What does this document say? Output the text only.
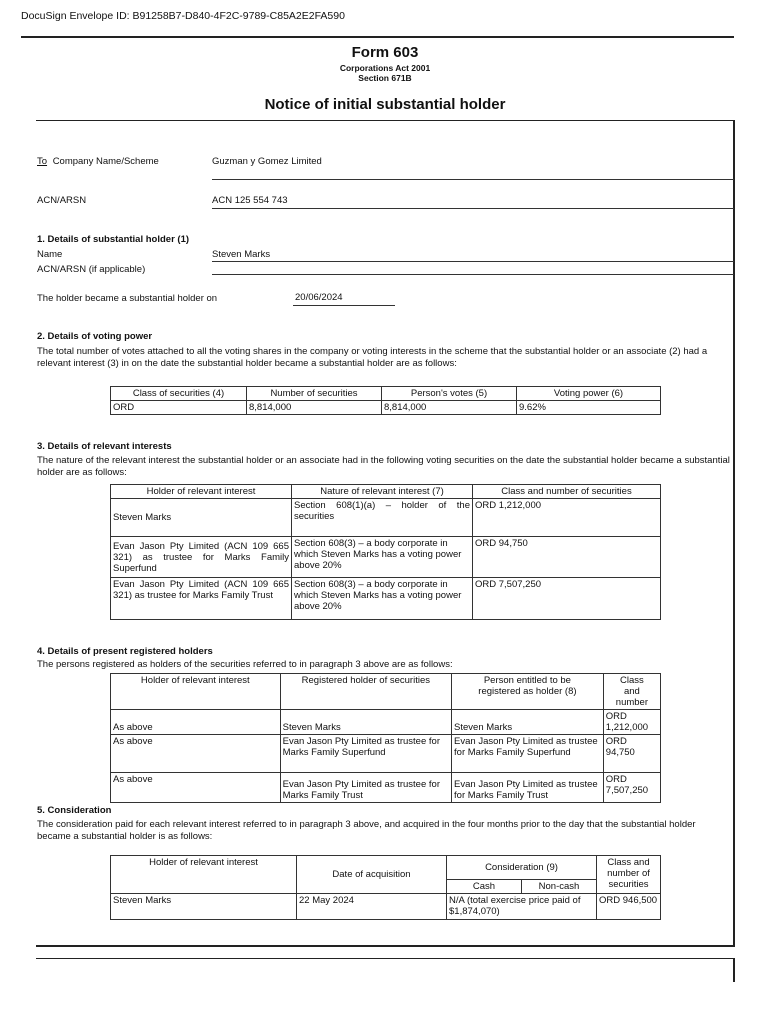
DocuSign Envelope ID: B91258B7-D840-4F2C-9789-C85A2E2FA590
Form 603
Corporations Act 2001
Section 671B
Notice of initial substantial holder
To Company Name/Scheme	Guzman y Gomez Limited
ACN/ARSN	ACN 125 554 743
1. Details of substantial holder (1)
Name	Steven Marks
ACN/ARSN (if applicable)
The holder became a substantial holder on	20/06/2024
2. Details of voting power
The total number of votes attached to all the voting shares in the company or voting interests in the scheme that the substantial holder or an associate (2) had a relevant interest (3) in on the date the substantial holder became a substantial holder are as follows:
Class of securities (4)	Number of securities	Person's votes (5)	Voting power (6)
ORD	8,814,000	8,814,000	9.62%
3. Details of relevant interests
The nature of the relevant interest the substantial holder or an associate had in the following voting securities on the date the substantial holder became a substantial holder are as follows:
Holder of relevant interest	Nature of relevant interest (7)	Class and number of securities
Steven Marks	Section 608(1)(a) – holder of the securities	ORD 1,212,000
Evan Jason Pty Limited (ACN 109 665 321) as trustee for Marks Family Superfund	Section 608(3) – a body corporate in which Steven Marks has a voting power above 20%	ORD 94,750
Evan Jason Pty Limited (ACN 109 665 321) as trustee for Marks Family Trust	Section 608(3) – a body corporate in which Steven Marks has a voting power above 20%	ORD 7,507,250
4. Details of present registered holders
The persons registered as holders of the securities referred to in paragraph 3 above are as follows:
Holder of relevant interest	Registered holder of securities	Person entitled to be registered as holder (8)	Class and number
As above	Steven Marks	Steven Marks	ORD 1,212,000
As above	Evan Jason Pty Limited as trustee for Marks Family Superfund	Evan Jason Pty Limited as trustee for Marks Family Superfund	ORD 94,750
As above	Evan Jason Pty Limited as trustee for Marks Family Trust	Evan Jason Pty Limited as trustee for Marks Family Trust	ORD 7,507,250
5. Consideration
The consideration paid for each relevant interest referred to in paragraph 3 above, and acquired in the four months prior to the day that the substantial holder became a substantial holder is as follows:
Holder of relevant interest	Date of acquisition	Consideration (9)		Class and number of securities
		Cash	Non-cash	
Steven Marks	22 May 2024	N/A (total exercise price paid of $1,874,070)		ORD 946,500
